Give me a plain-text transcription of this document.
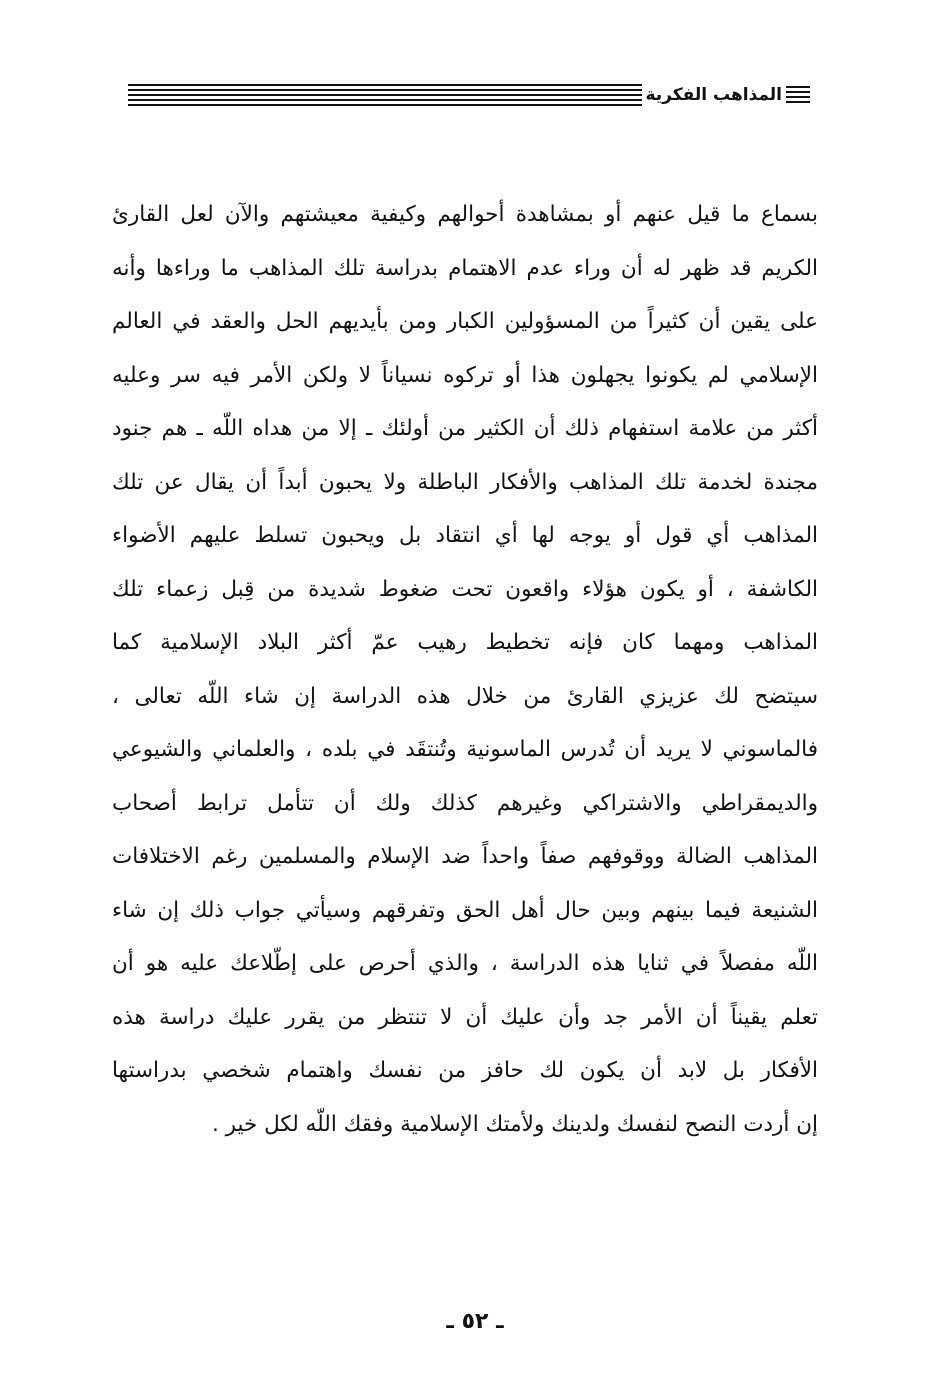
المذاهب الفكرية
بسماع ما قيل عنهم أو بمشاهدة أحوالهم وكيفية معيشتهم والآن لعل القارئ
الكريم قد ظهر له أن وراء عدم الاهتمام بدراسة تلك المذاهب ما وراءها وأنه
على يقين أن كثيراً من المسؤولين الكبار ومن بأيديهم الحل والعقد في العالم
الإسلامي لم يكونوا يجهلون هذا أو تركوه نسياناً لا ولكن الأمر فيه سر وعليه
أكثر من علامة استفهام ذلك أن الكثير من أولئك ـ إلا من هداه اللّه ـ هم جنود
مجندة لخدمة تلك المذاهب والأفكار الباطلة ولا يحبون أبداً أن يقال عن تلك
المذاهب أي قول أو يوجه لها أي انتقاد بل ويحبون تسلط عليهم الأضواء
الكاشفة ، أو يكون هؤلاء واقعون تحت ضغوط شديدة من قِبل زعماء تلك
المذاهب ومهما كان فإنه تخطيط رهيب عمّ أكثر البلاد الإسلامية كما
سيتضح لك عزيزي القارئ من خلال هذه الدراسة إن شاء اللّه تعالى ،
فالماسوني لا يريد أن تُدرس الماسونية وتُنتقَد في بلده ، والعلماني والشيوعي
والديمقراطي والاشتراكي وغيرهم كذلك ولك أن تتأمل ترابط أصحاب
المذاهب الضالة ووقوفهم صفاً واحداً ضد الإسلام والمسلمين رغم الاختلافات
الشنيعة فيما بينهم وبين حال أهل الحق وتفرقهم وسيأتي جواب ذلك إن شاء
اللّه مفصلاً في ثنايا هذه الدراسة ، والذي أحرص على إطّلاعك عليه هو أن
تعلم يقيناً أن الأمر جد وأن عليك أن لا تنتظر من يقرر عليك دراسة هذه
الأفكار بل لابد أن يكون لك حافز من نفسك واهتمام شخصي بدراستها
إن أردت النصح لنفسك ولدينك ولأمتك الإسلامية وفقك اللّه لكل خير .
ـ ٥٢ ـ
